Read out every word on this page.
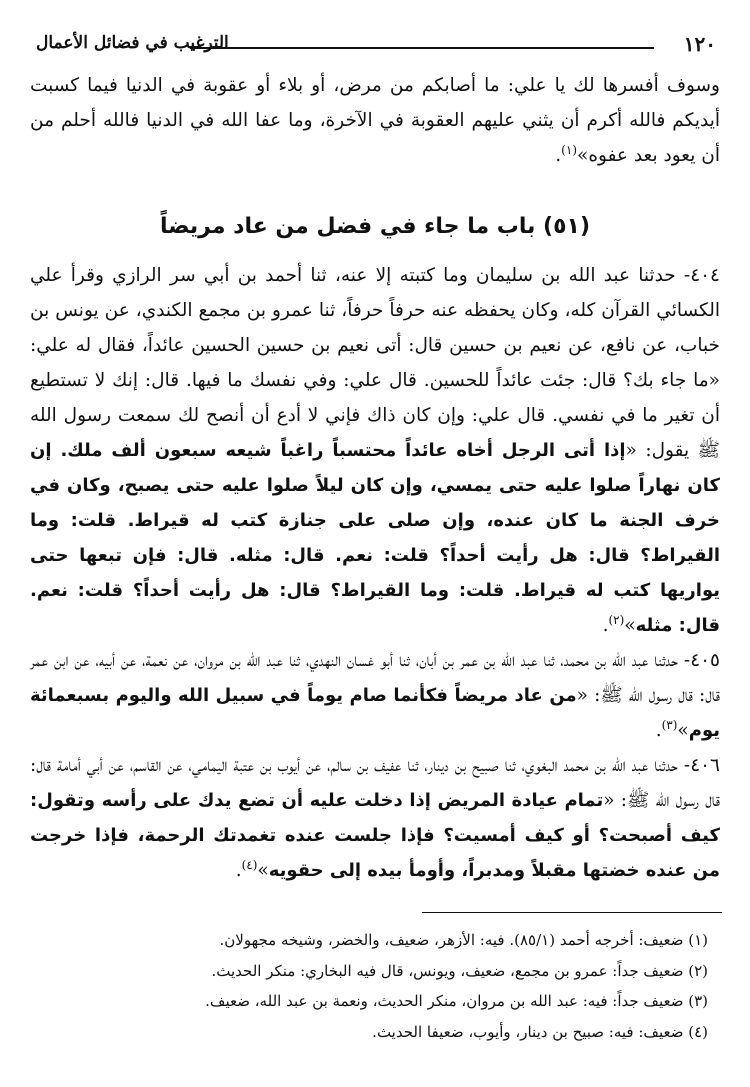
١٢٠
الترغيب في فضائل الأعمال

وسوف أفسرها لك يا علي: ما أصابكم من مرض، أو بلاء أو عقوبة في الدنيا فيما كسبت أيديكم فالله أكرم أن يثني عليهم العقوبة في الآخرة، وما عفا الله في الدنيا فالله أحلم من أن يعود بعد عفوه»$^{(١)}$.

(٥١) باب ما جاء في فضل من عاد مريضاً

٤٠٤- حدثنا عبد الله بن سليمان وما كتبته إلا عنه، ثنا أحمد بن أبي سر الرازي وقرأ علي الكسائي القرآن كله، وكان يحفظه عنه حرفاً حرفاً، ثنا عمرو بن مجمع الكندي، عن يونس بن خباب، عن نافع، عن نعيم بن حسين قال: أتى نعيم بن حسين الحسين عائداً، فقال له علي: «ما جاء بك؟ قال: جئت عائداً للحسين. قال علي: وفي نفسك ما فيها. قال: إنك لا تستطيع أن تغير ما في نفسي. قال علي: وإن كان ذاك فإني لا أدع أن أنصح لك سمعت رسول الله ﷺ يقول: «إذا أتى الرجل أخاه عائداً محتسباً راغباً شيعه سبعون ألف ملك. إن كان نهاراً صلوا عليه حتى يمسي، وإن كان ليلاً صلوا عليه حتى يصبح، وكان في خرف الجنة ما كان عنده، وإن صلى على جنازة كتب له قيراط. قلت: وما القيراط؟ قال: هل رأيت أحداً؟ قلت: نعم. قال: مثله. قال: فإن تبعها حتى يواريها كتب له قيراط. قلت: وما القيراط؟ قال: هل رأيت أحداً؟ قلت: نعم. قال: مثله»$^{(٢)}$.

٤٠٥- حدثنا عبد الله بن محمد، ثنا عبد الله بن عمر بن أبان، ثنا أبو غسان النهدي، ثنا عبد الله بن مروان، عن نعمة، عن أبيه، عن ابن عمر قال: قال رسول الله ﷺ: «من عاد مريضاً فكأنما صام يوماً في سبيل الله واليوم بسبعمائة يوم»$^{(٣)}$.

٤٠٦- حدثنا عبد الله بن محمد البغوي، ثنا صبيح بن دينار، ثنا عفيف بن سالم، عن أيوب بن عتبة اليمامي، عن القاسم، عن أبي أمامة قال: قال رسول الله ﷺ: «تمام عيادة المريض إذا دخلت عليه أن تضع يدك على رأسه وتقول: كيف أصبحت؟ أو كيف أمسيت؟ فإذا جلست عنده تغمدتك الرحمة، فإذا خرجت من عنده خضتها مقبلاً ومدبراً، وأومأ بيده إلى حقويه»$^{(٤)}$.

(١) ضعيف: أخرجه أحمد (٨٥/١). فيه: الأزهر، ضعيف، والخضر، وشيخه مجهولان.
(٢) ضعيف جداً: عمرو بن مجمع، ضعيف، ويونس، قال فيه البخاري: منكر الحديث.
(٣) ضعيف جداً: فيه: عبد الله بن مروان، منكر الحديث، ونعمة بن عبد الله، ضعيف.
(٤) ضعيف: فيه: صبيح بن دينار، وأيوب، ضعيفا الحديث.
